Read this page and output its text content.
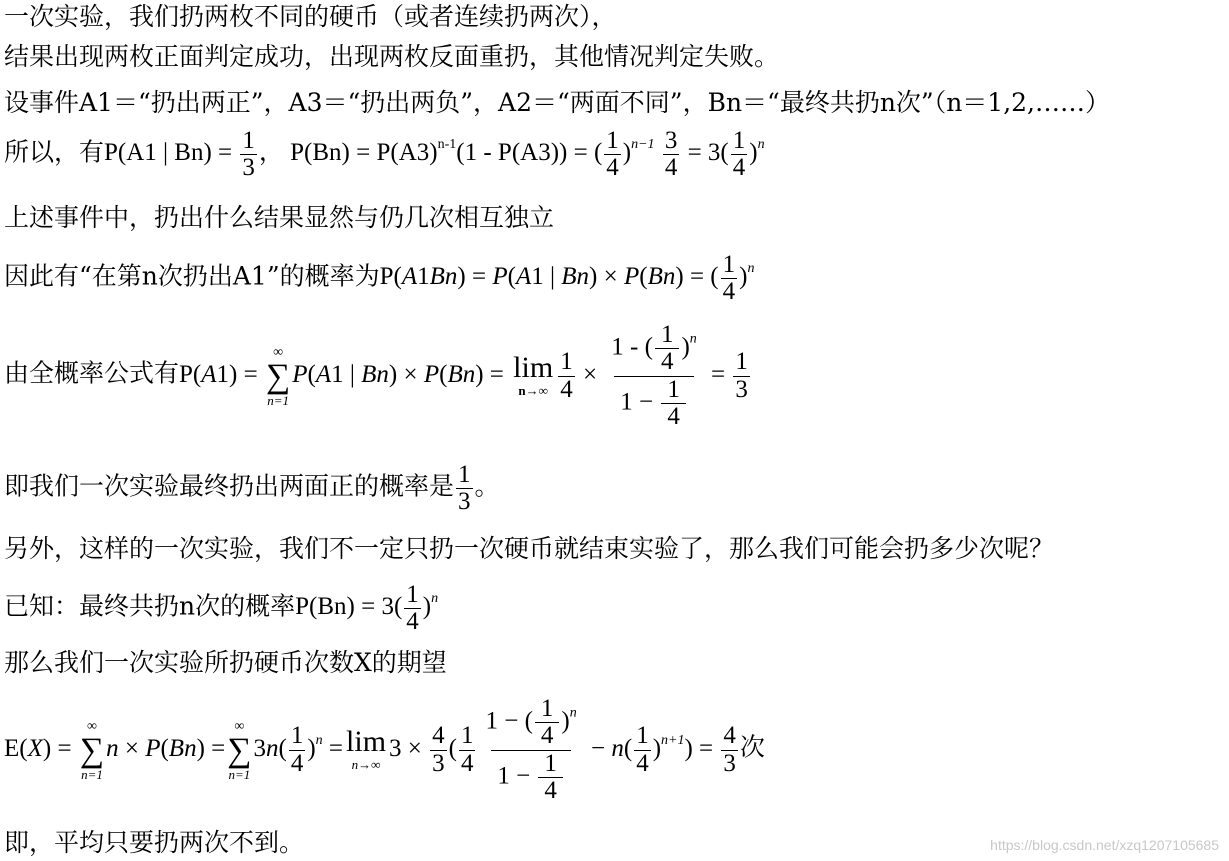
一次实验，我们扔两枚不同的硬币（或者连续扔两次），
结果出现两枚正面判定成功，出现两枚反面重扔，其他情况判定失败。
设事件A1＝“扔出两正”，A3＝“扔出两负”，A2＝“两面不同”，Bn＝“最终共扔n次”（n＝1,2,……）
所以，有P(A1 | $Bn) = \frac{1}{3}$ ， $P(Bn) = P(A3)^{n-1}(1 - P(A3))$ = ( $\frac{1}{4} )^{n-1} \frac{3}{4} = 3( \frac{1}{4} )^n$
上述事件中，扔出什么结果显然与仍几次相互独立
因此有“在第n次扔出A1”的概率为P(A1Bn) = P(A1 | Bn) × P(Bn) = ( $\frac{1}{4} )^n$
由全概率公式有P(A1) =
∞
∑
n=1
P(A1 | Bn) × P(Bn) = lim
$n\to\infty \frac{1}{4} \times \frac{1 - ( \frac{1}{4} )^n}{1 - \frac{1}{4}} = \frac{1}{3}$
即我们一次实验最终扔出两面正的概率是 $\frac{1}{3}$ 。
另外，这样的一次实验，我们不一定只扔一次硬币就结束实验了，那么我们可能会扔多少次呢？
已知：最终共扔n次的概率$P(Bn) = 3( \frac{1}{4} )^n$
那么我们一次实验所扔硬币次数X的期望
E(X) =
∞
∑
n=1
n × P(Bn) =
∞
∑
n=1
$3n( \frac{1}{4} )^n = \lim$
n→∞
$3 \times \frac{4}{3}$ ( $\frac{1}{4} \frac{1 - ( \frac{1}{4} )^n}{1 - \frac{1}{4}} - n( \frac{1}{4} )^{n+1}) = \frac{4}{3}$ 次
即，平均只要扔两次不到。	https://blog.csdn.net/xzq1207105685
